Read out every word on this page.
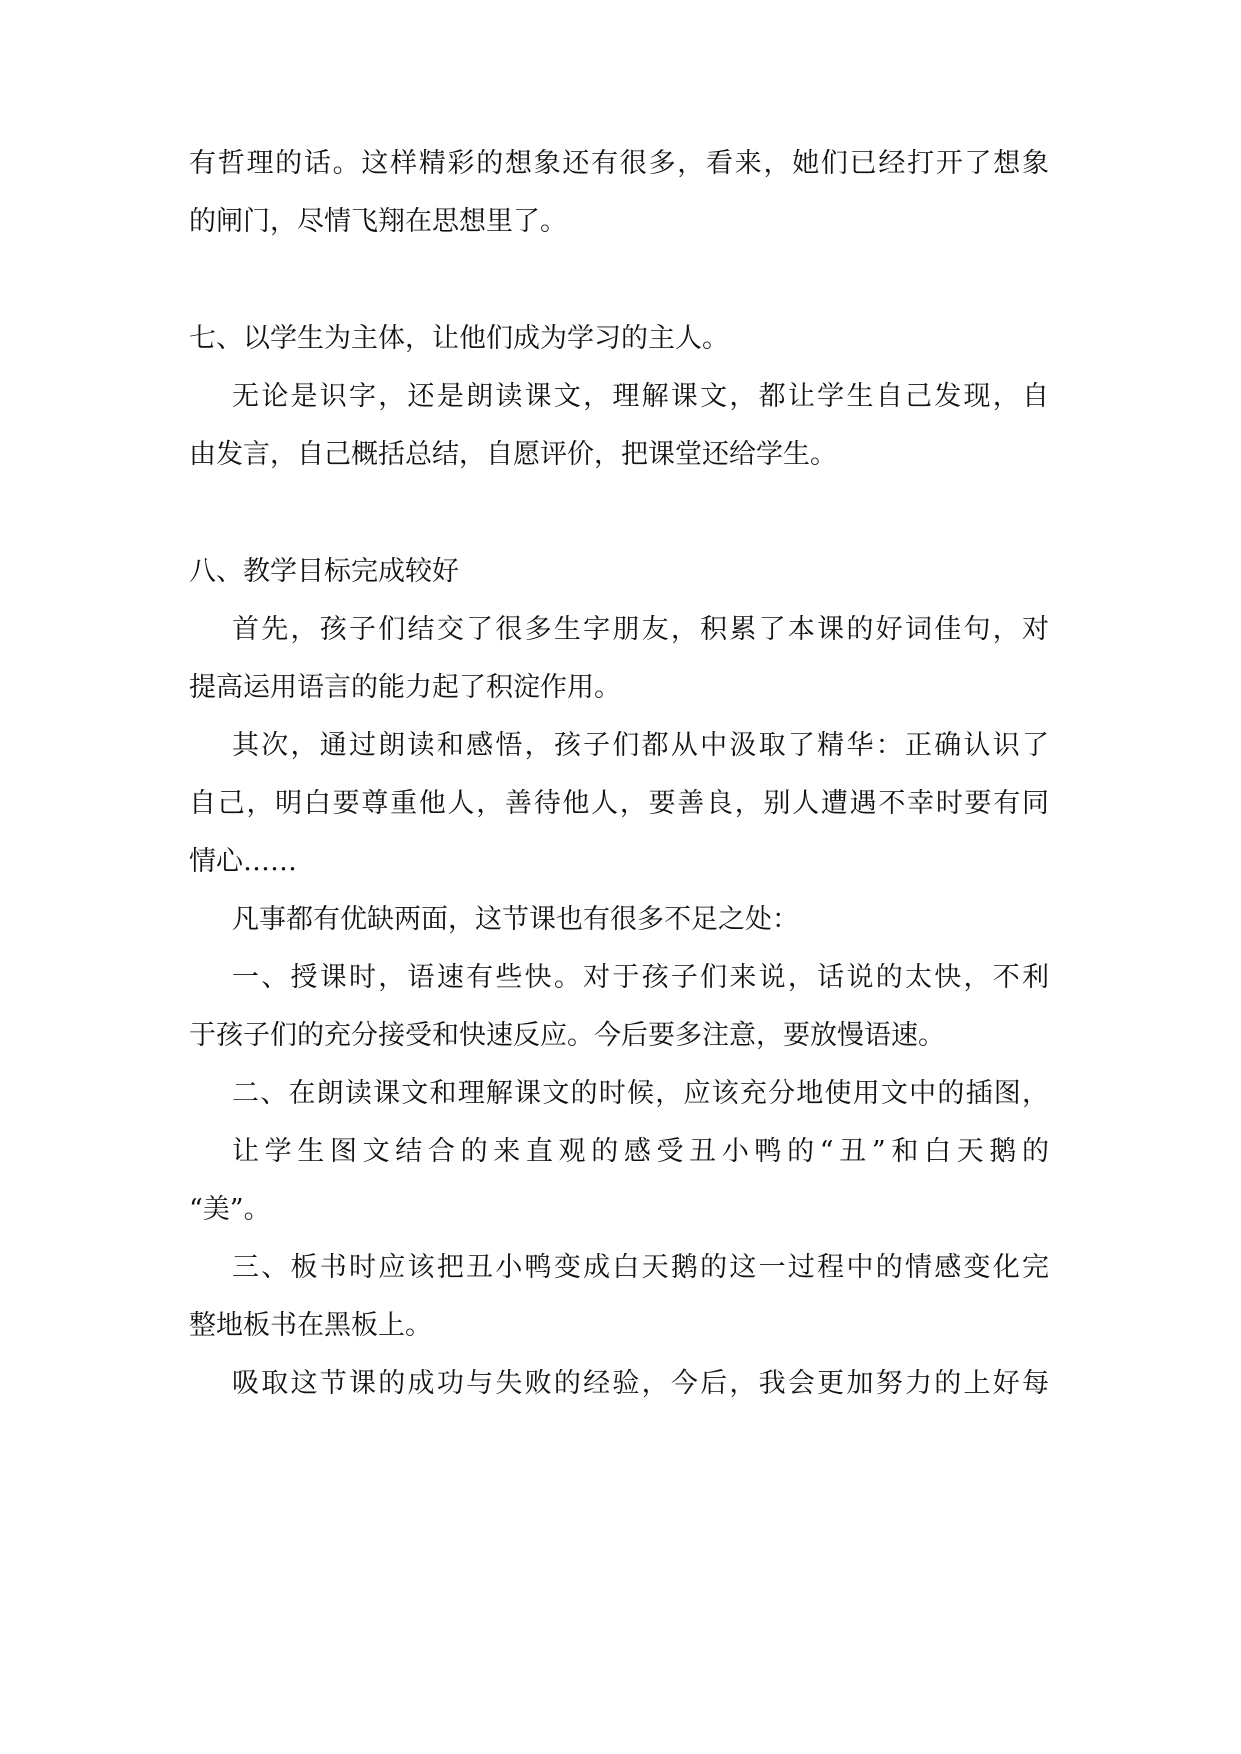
有哲理的话。这样精彩的想象还有很多，看来，她们已经打开了想象
的闸门，尽情飞翔在思想里了。
七、以学生为主体，让他们成为学习的主人。
无论是识字，还是朗读课文，理解课文，都让学生自己发现，自
由发言，自己概括总结，自愿评价，把课堂还给学生。
八、教学目标完成较好
首先，孩子们结交了很多生字朋友，积累了本课的好词佳句，对
提高运用语言的能力起了积淀作用。
其次，通过朗读和感悟，孩子们都从中汲取了精华：正确认识了
自己，明白要尊重他人，善待他人，要善良，别人遭遇不幸时要有同
情心……
凡事都有优缺两面，这节课也有很多不足之处：
一、授课时，语速有些快。对于孩子们来说，话说的太快，不利
于孩子们的充分接受和快速反应。今后要多注意，要放慢语速。
二、在朗读课文和理解课文的时候，应该充分地使用文中的插图，
让学生图文结合的来直观的感受丑小鸭的“丑”和白天鹅的
“美”。
三、板书时应该把丑小鸭变成白天鹅的这一过程中的情感变化完
整地板书在黑板上。
吸取这节课的成功与失败的经验，今后，我会更加努力的上好每
